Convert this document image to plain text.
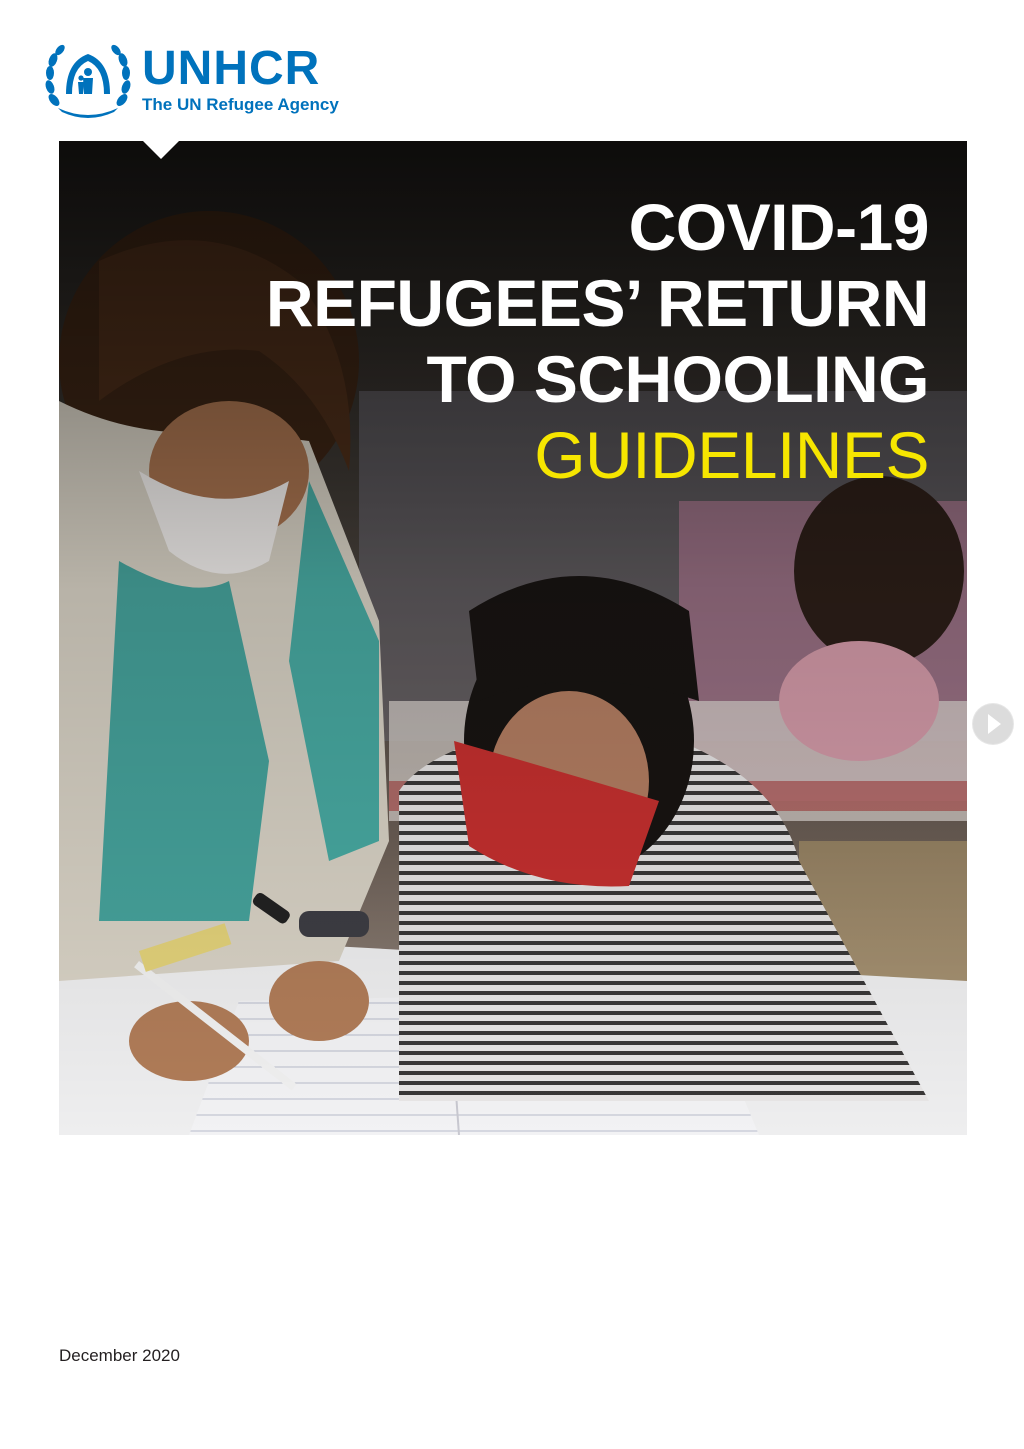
UNHCR
The UN Refugee Agency
COVID-19
REFUGEES’ RETURN
TO SCHOOLING
GUIDELINES
December 2020
